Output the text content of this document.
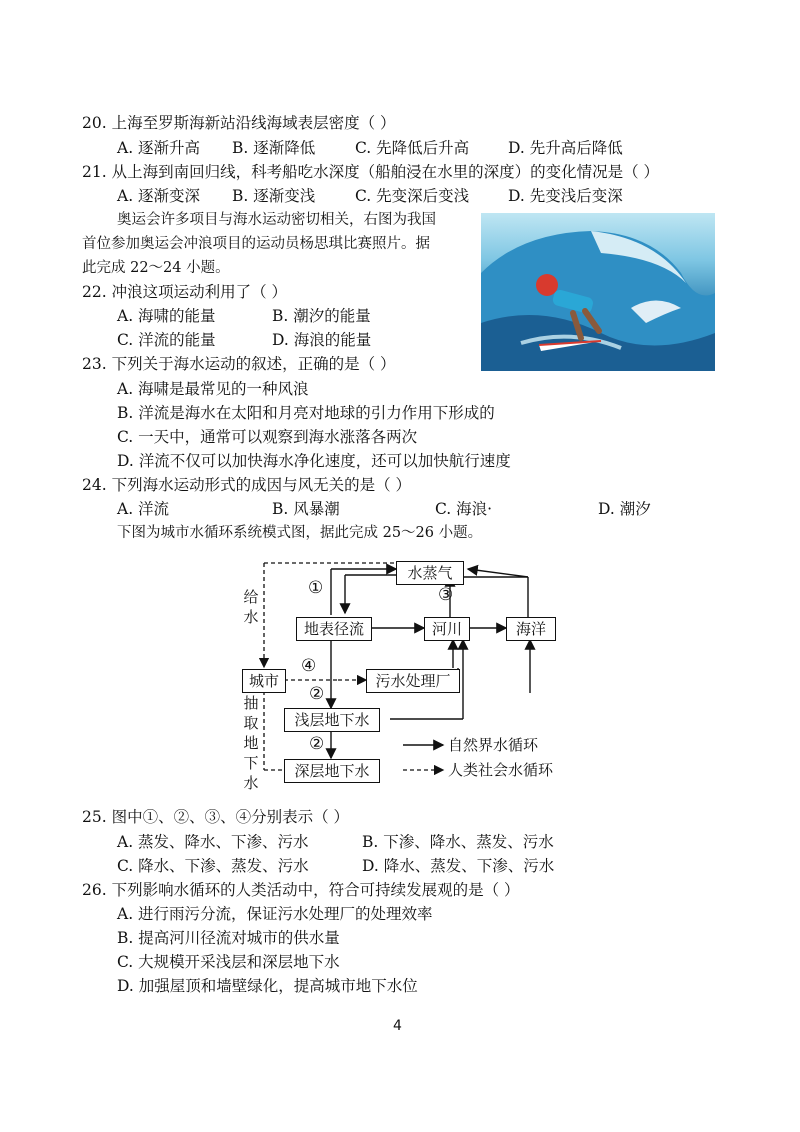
20. 上海至罗斯海新站沿线海域表层密度（ ）
A. 逐渐升高 B. 逐渐降低	C. 先降低后升高	D. 先升高后降低
21. 从上海到南回归线，科考船吃水深度（船舶浸在水里的深度）的变化情况是（ ）
A. 逐渐变深 B. 逐渐变浅	C. 先变深后变浅	D. 先变浅后变深
奥运会许多项目与海水运动密切相关，右图为我国
首位参加奥运会冲浪项目的运动员杨思琪比赛照片。据
此完成 22～24 小题。
22. 冲浪这项运动利用了（ ）
A. 海啸的能量	B. 潮汐的能量
C. 洋流的能量	D. 海浪的能量
23. 下列关于海水运动的叙述，正确的是（ ）
A. 海啸是最常见的一种风浪
B. 洋流是海水在太阳和月亮对地球的引力作用下形成的
C. 一天中，通常可以观察到海水涨落各两次
D. 洋流不仅可以加快海水净化速度，还可以加快航行速度
24. 下列海水运动形式的成因与风无关的是（ ）
A. 洋流	B. 风暴潮	C. 海浪·	D. 潮汐
下图为城市水循环系统模式图，据此完成 25～26 小题。
水蒸气
地表径流	河川	海洋
城市	污水处理厂
浅层地下水
深层地下水
①	③
④
②
②
给水
抽取地下水
自然界水循环
人类社会水循环
25. 图中①、②、③、④分别表示（ ）
A. 蒸发、降水、下渗、污水	B. 下渗、降水、蒸发、污水
C. 降水、下渗、蒸发、污水	D. 降水、蒸发、下渗、污水
26. 下列影响水循环的人类活动中，符合可持续发展观的是（ ）
A. 进行雨污分流，保证污水处理厂的处理效率
B. 提高河川径流对城市的供水量
C. 大规模开采浅层和深层地下水
D. 加强屋顶和墙壁绿化，提高城市地下水位
4
